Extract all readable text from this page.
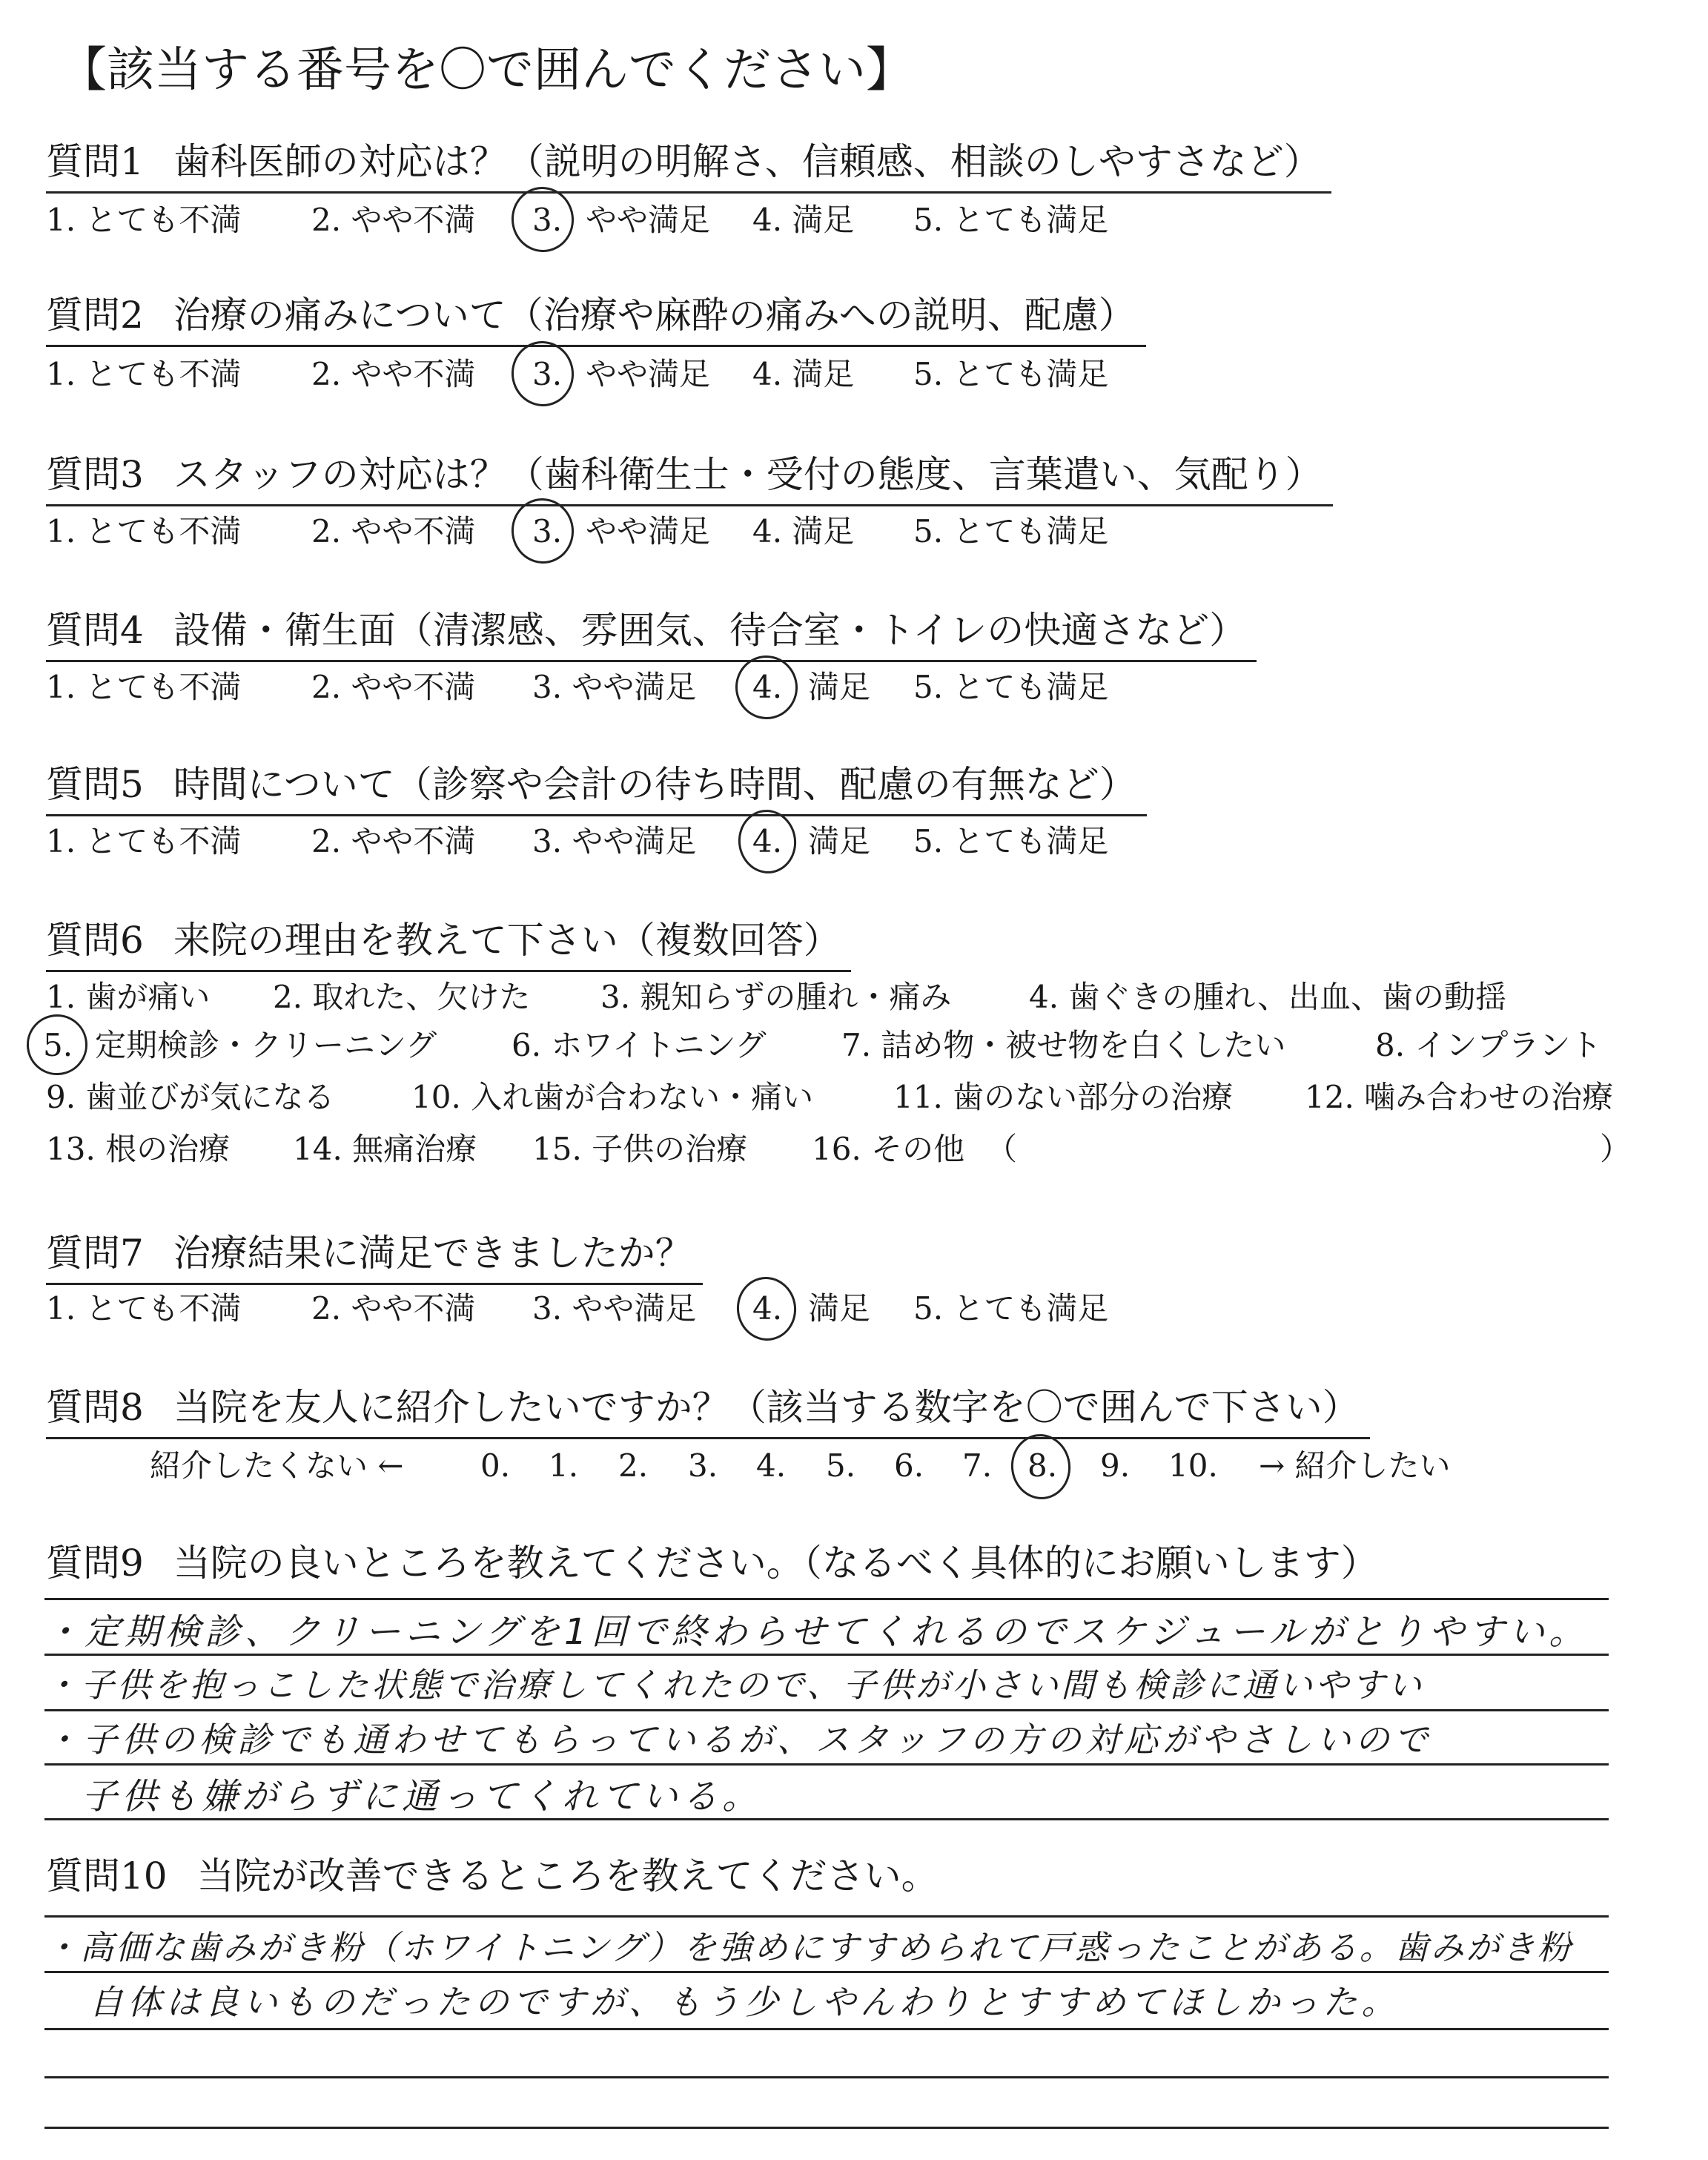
【該当する番号を〇で囲んでください】
質問1 歯科医師の対応は？（説明の明解さ、信頼感、相談のしやすさなど）
1. とても不満 2. やや不満 3. やや満足 4. 満足 5. とても満足
質問2 治療の痛みについて（治療や麻酔の痛みへの説明、配慮）
1. とても不満 2. やや不満 3. やや満足 4. 満足 5. とても満足
質問3 スタッフの対応は？（歯科衛生士・受付の態度、言葉遣い、気配り）
1. とても不満 2. やや不満 3. やや満足 4. 満足 5. とても満足
質問4 設備・衛生面（清潔感、雰囲気、待合室・トイレの快適さなど）
1. とても不満 2. やや不満 3. やや満足 4. 満足 5. とても満足
質問5 時間について（診察や会計の待ち時間、配慮の有無など）
1. とても不満 2. やや不満 3. やや満足 4. 満足 5. とても満足
質問6 来院の理由を教えて下さい（複数回答）
1. 歯が痛い 2. 取れた、欠けた 3. 親知らずの腫れ・痛み 4. 歯ぐきの腫れ、出血、歯の動揺
5. 定期検診・クリーニング 6. ホワイトニング 7. 詰め物・被せ物を白くしたい	8. インプラント
9. 歯並びが気になる 10. 入れ歯が合わない・痛い	11. 歯のない部分の治療 12. 噛み合わせの治療
13. 根の治療 14. 無痛治療 15. 子供の治療 16. その他 （	）
質問7 治療結果に満足できましたか？
1. とても不満 2. やや不満 3. やや満足 4. 満足 5. とても満足
質問8 当院を友人に紹介したいですか？（該当する数字を〇で囲んで下さい）
紹介したくない ← 0. 1. 2. 3. 4. 5. 6. 7. 8. 9. 10. → 紹介したい
質問9 当院の良いところを教えてください。（なるべく具体的にお願いします）
・定期検診、クリーニングを1回で終わらせてくれるのでスケジュールがとりやすい。
・子供を抱っこした状態で治療してくれたので、子供が小さい間も検診に通いやすい
・子供の検診でも通わせてもらっているが、スタッフの方の対応がやさしいので
子供も嫌がらずに通ってくれている。
質問10 当院が改善できるところを教えてください。
・高価な歯みがき粉（ホワイトニング）を強めにすすめられて戸惑ったことがある。歯みがき粉
自体は良いものだったのですが、もう少しやんわりとすすめてほしかった。
